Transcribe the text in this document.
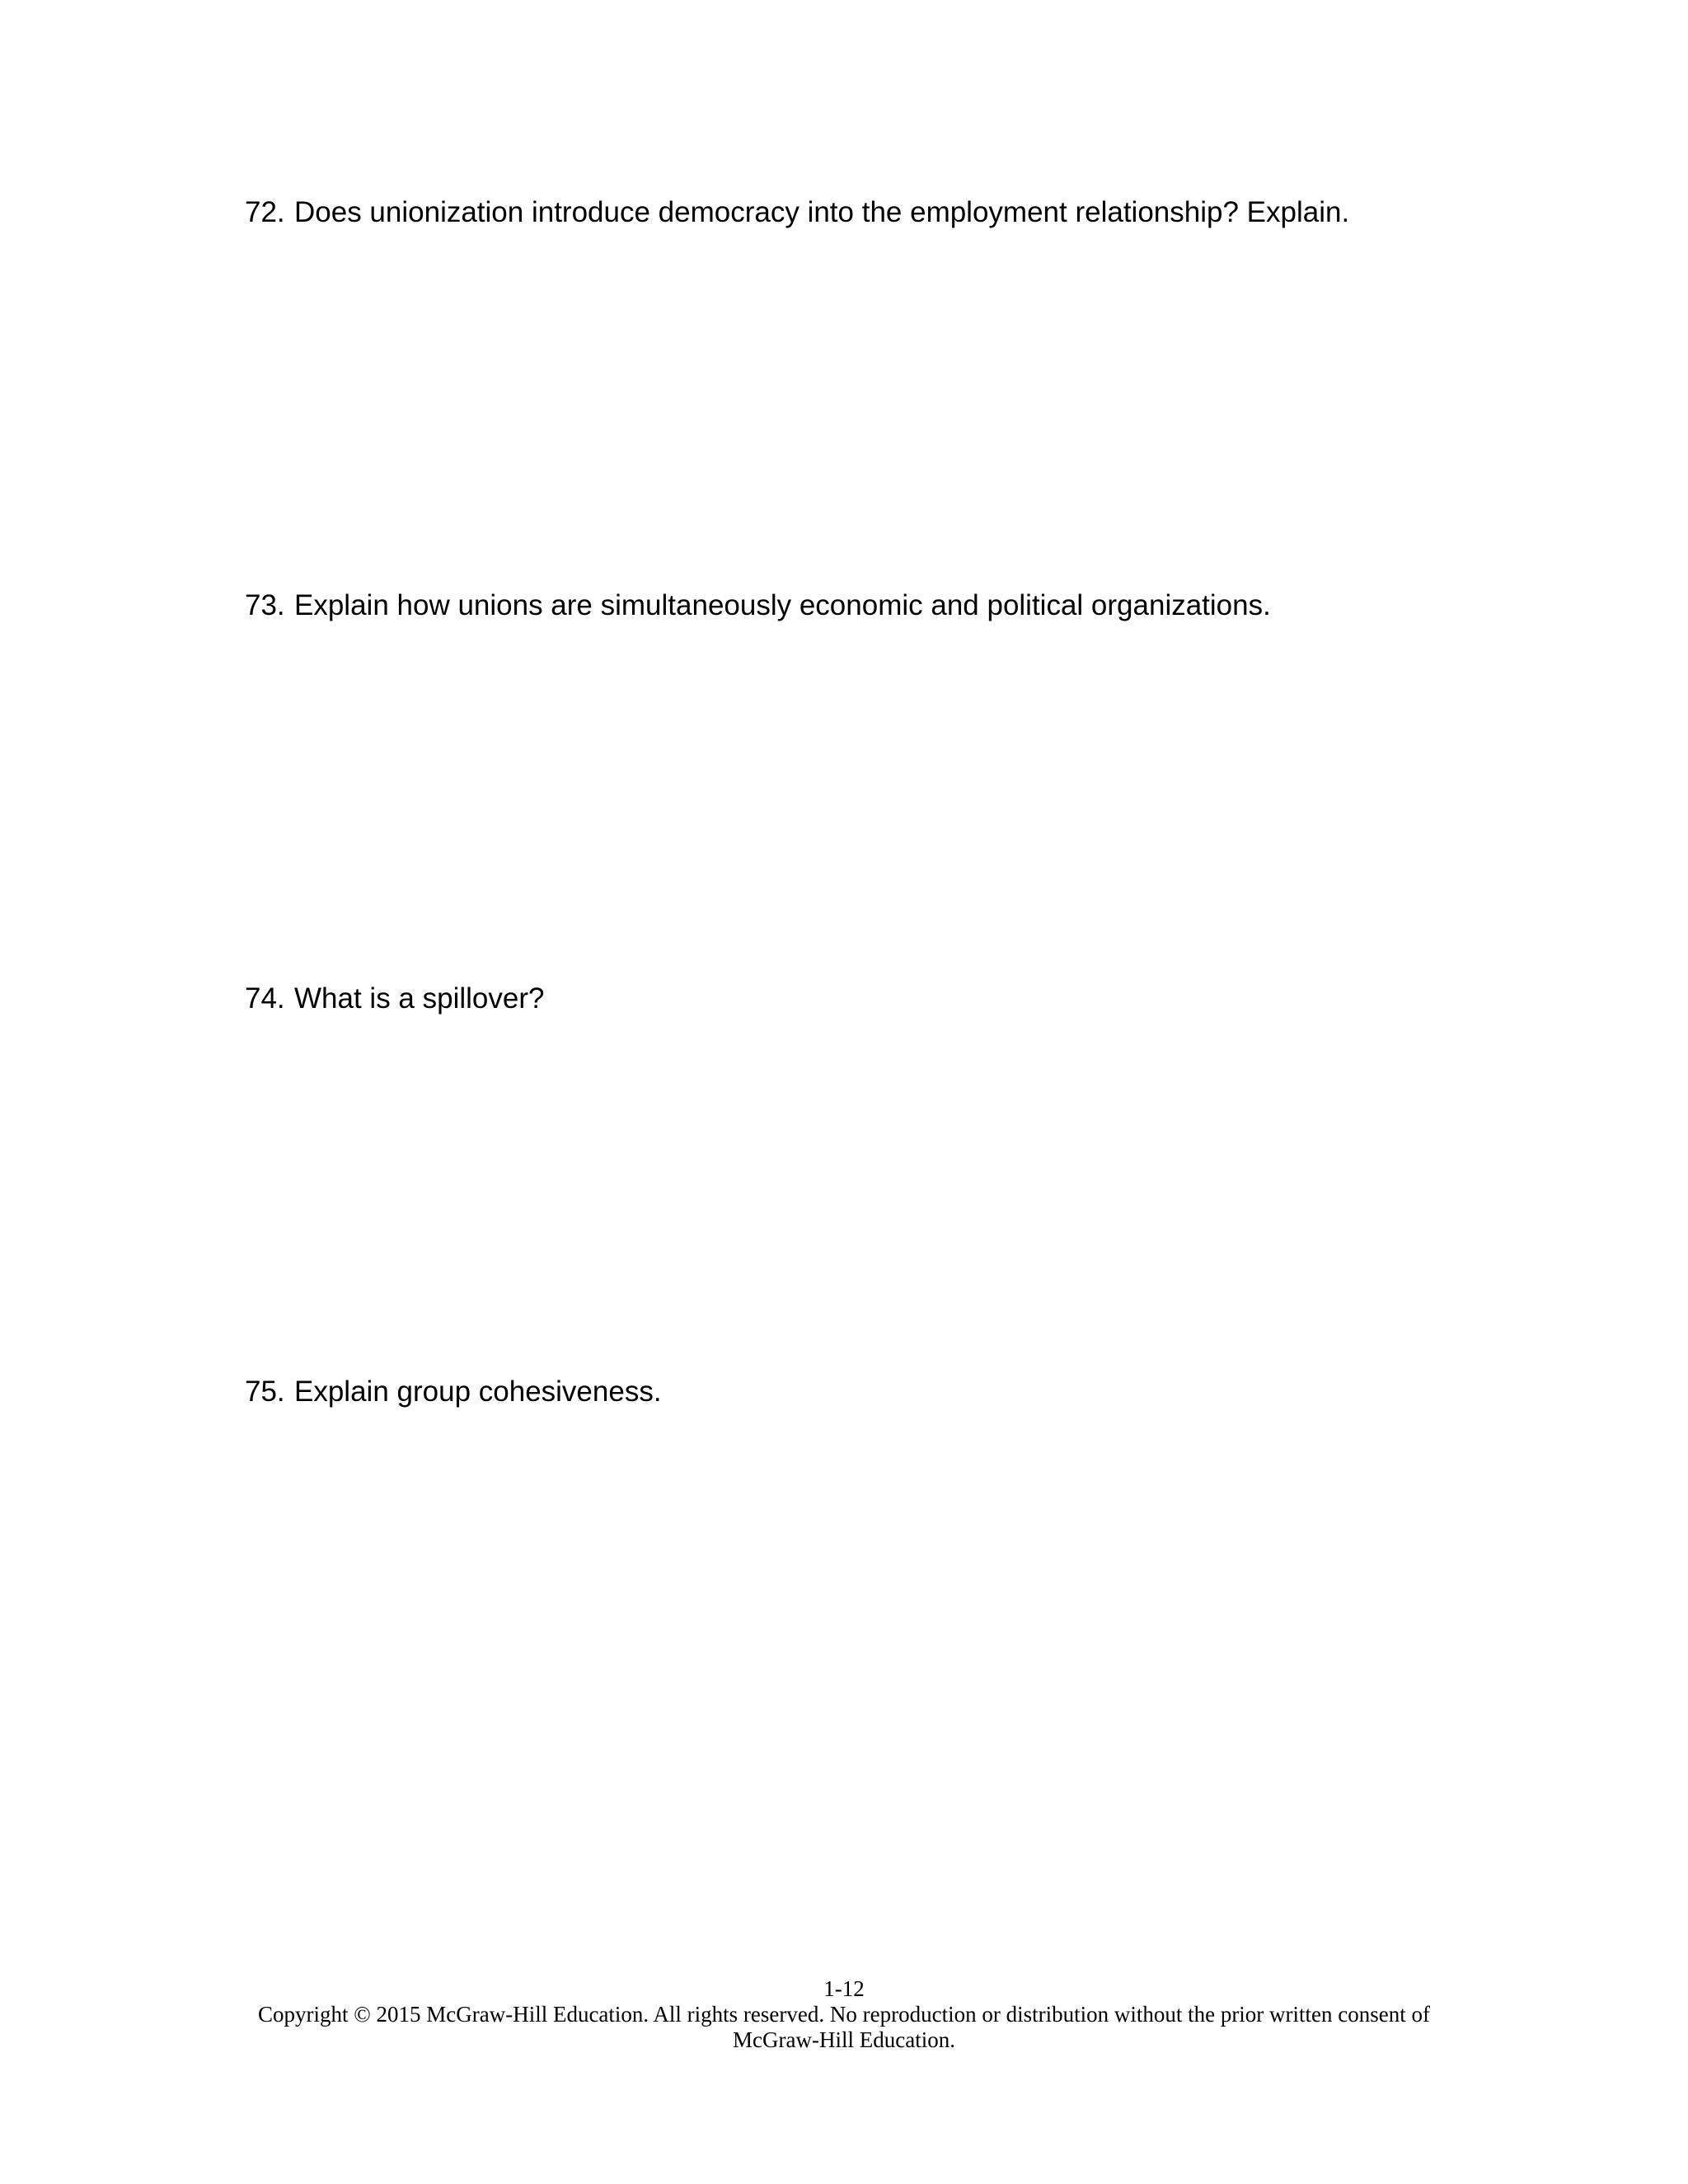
72. Does unionization introduce democracy into the employment relationship? Explain.
73. Explain how unions are simultaneously economic and political organizations.
74. What is a spillover?
75. Explain group cohesiveness.
1-12
Copyright © 2015 McGraw-Hill Education. All rights reserved. No reproduction or distribution without the prior written consent of
McGraw-Hill Education.
